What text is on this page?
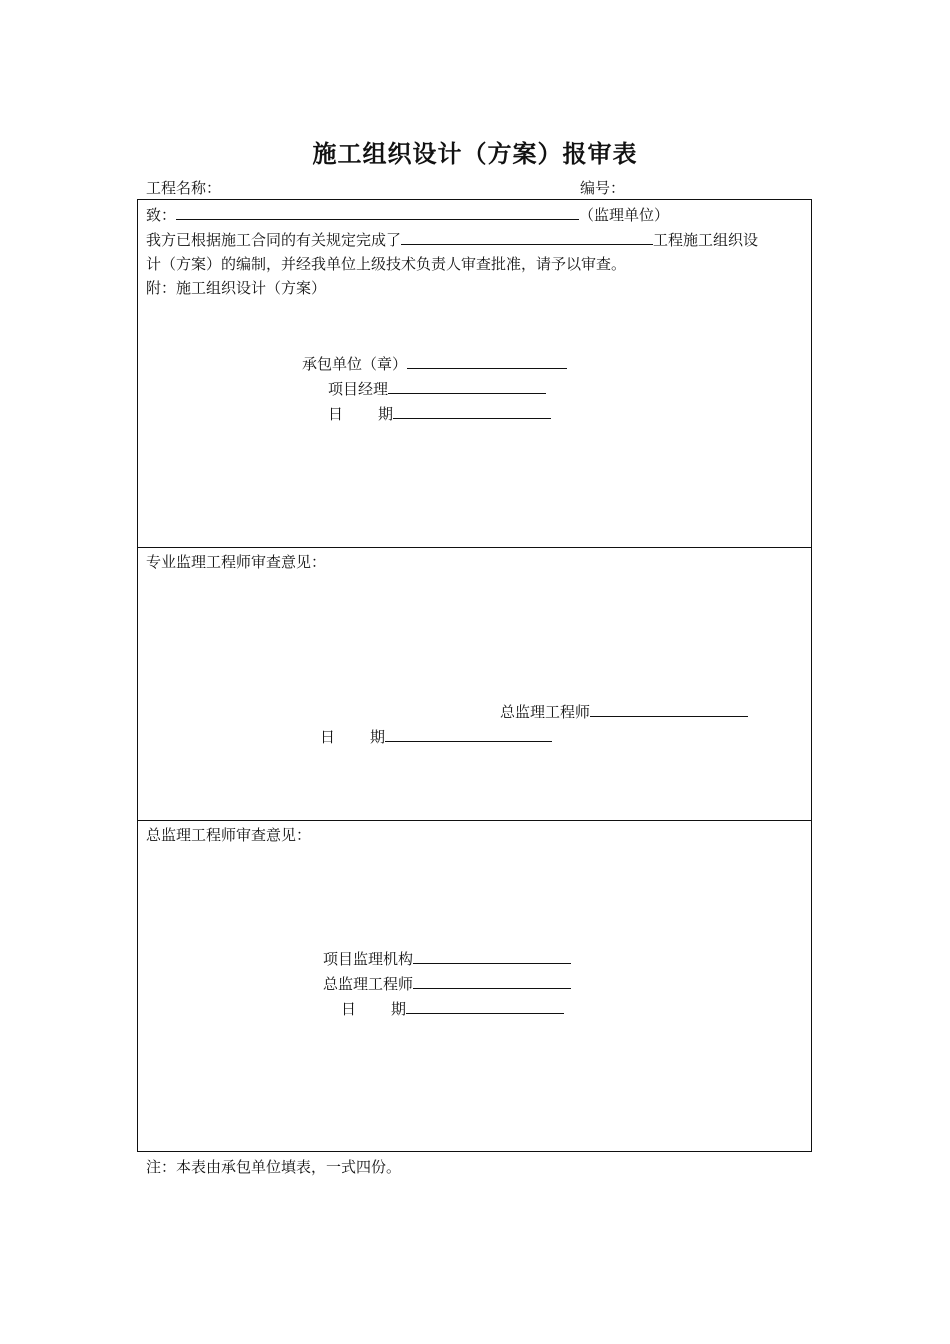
施工组织设计（方案）报审表
工程名称：	编号：
致：	（监理单位）
我方已根据施工合同的有关规定完成了	工程施工组织设
计（方案）的编制，并经我单位上级技术负责人审查批准，请予以审查。
附：施工组织设计（方案）
承包单位（章）
项目经理
日 期
专业监理工程师审查意见：
总监理工程师
日 期
总监理工程师审查意见：
项目监理机构
总监理工程师
日 期
注：本表由承包单位填表，一式四份。
